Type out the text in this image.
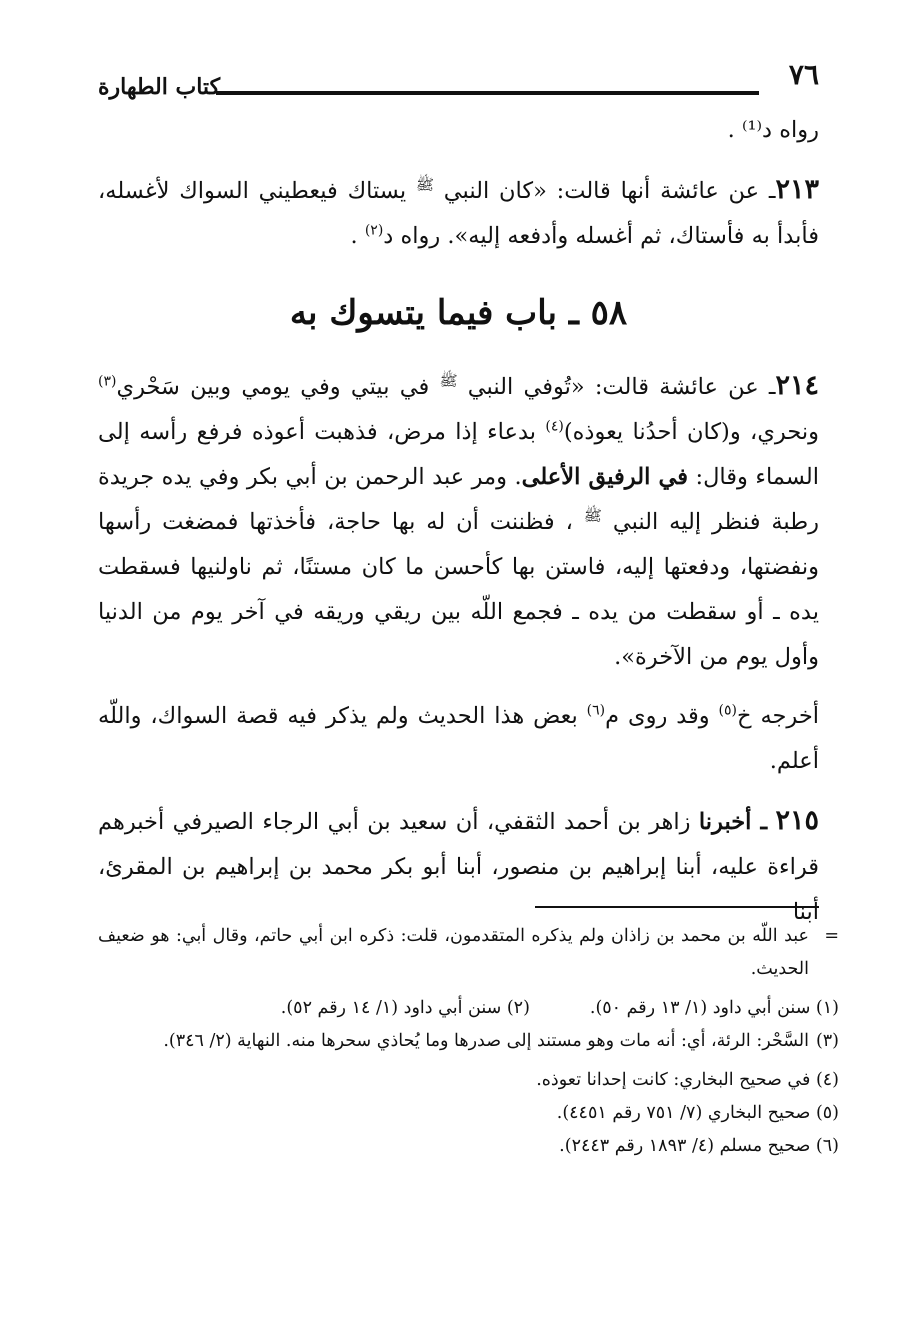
٧٦
كتاب الطهارة

رواه د⁽¹⁾ .

٢١٣ـ عن عائشة أنها قالت: «كان النبي $^ﷺ$ يستاك فيعطيني السواك لأغسله، فأبدأ به فأستاك، ثم أغسله وأدفعه إليه». رواه د$^{(٢)}$ .

٥٨ ـ باب فيما يتسوك به

٢١٤ـ عن عائشة قالت: «تُوفي النبي $^ﷺ$ في بيتي وفي يومي وبين سَحْري$^{(٣)}$ ونحري، و(كان أحدُنا يعوذه)$^{(٤)}$ بدعاء إذا مرض، فذهبت أعوذه فرفع رأسه إلى السماء وقال: في الرفيق الأعلى. ومر عبد الرحمن بن أبي بكر وفي يده جريدة رطبة فنظر إليه النبي $^ﷺ$ ، فظننت أن له بها حاجة، فأخذتها فمضغت رأسها ونفضتها، ودفعتها إليه، فاستن بها كأحسن ما كان مستنًا، ثم ناولنيها فسقطت يده ـ أو سقطت من يده ـ فجمع اللّه بين ريقي وريقه في آخر يوم من الدنيا وأول يوم من الآخرة».

أخرجه خ$^{(٥)}$ وقد روى م$^{(٦)}$ بعض هذا الحديث ولم يذكر فيه قصة السواك، واللّه أعلم.

٢١٥ ـ أخبرنا زاهر بن أحمد الثقفي، أن سعيد بن أبي الرجاء الصيرفي أخبرهم قراءة عليه، أبنا إبراهيم بن منصور، أبنا أبو بكر محمد بن إبراهيم بن المقرئ، أبنا

=
عبد اللّه بن محمد بن زاذان ولم يذكره المتقدمون، قلت: ذكره ابن أبي حاتم، وقال أبي: هو ضعيف الحديث.

(١) سنن أبي داود (١/ ١٣ رقم ٥٠).(٢) سنن أبي داود (١/ ١٤ رقم ٥٢).

(٣)
السَّحْر: الرئة، أي: أنه مات وهو مستند إلى صدرها وما يُحاذي سحرها منه. النهاية (٢/ ٣٤٦).

(٤) في صحيح البخاري: كانت إحدانا تعوذه.

(٥) صحيح البخاري (٧/ ٧٥١ رقم ٤٤٥١).

(٦) صحيح مسلم (٤/ ١٨٩٣ رقم ٢٤٤٣).
